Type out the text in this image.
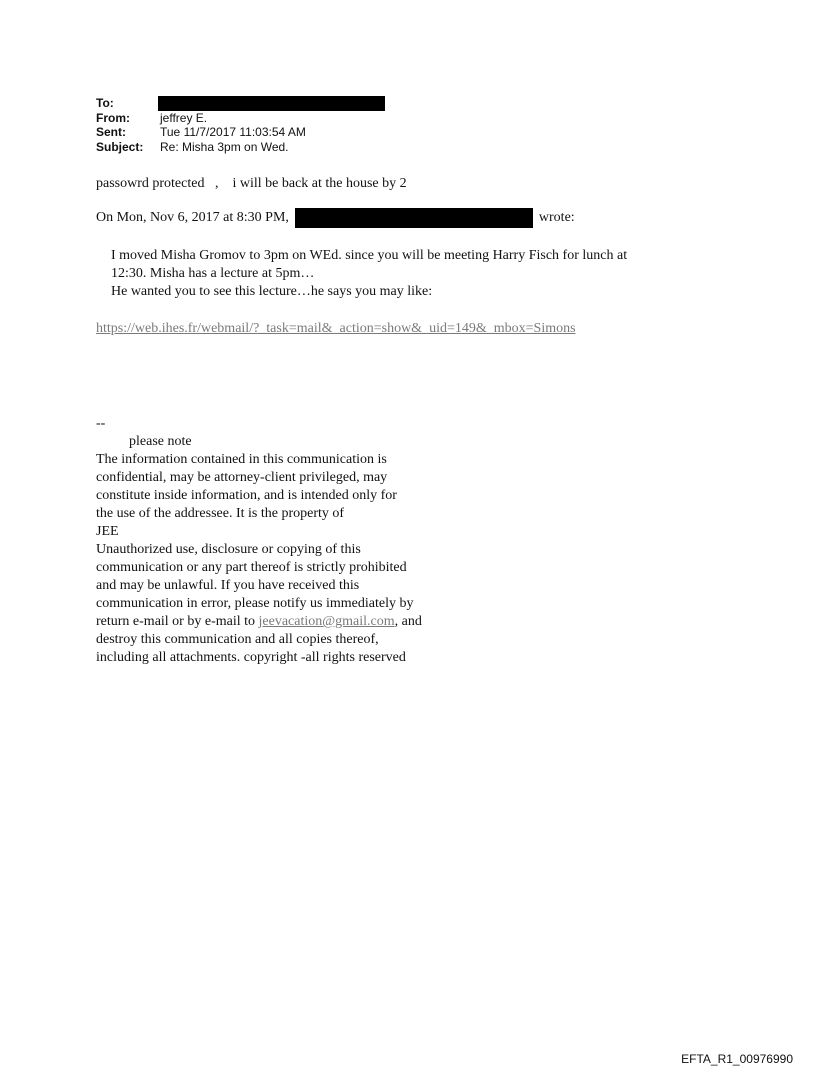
To:
From:	jeffrey E.
Sent:	Tue 11/7/2017 11:03:54 AM
Subject:	Re: Misha 3pm on Wed.
passowrd protected   ,    i will be back at the house by 2
On Mon, Nov 6, 2017 at 8:30 PM,	wrote:
I moved Misha Gromov to 3pm on WEd. since you will be meeting Harry Fisch for lunch at
12:30. Misha has a lecture at 5pm…
He wanted you to see this lecture…he says you may like:
https://web.ihes.fr/webmail/?_task=mail&_action=show&_uid=149&_mbox=Simons
--
please note
The information contained in this communication is
confidential, may be attorney-client privileged, may
constitute inside information, and is intended only for
the use of the addressee. It is the property of
JEE
Unauthorized use, disclosure or copying of this
communication or any part thereof is strictly prohibited
and may be unlawful. If you have received this
communication in error, please notify us immediately by
return e-mail or by e-mail to jeevacation@gmail.com, and
destroy this communication and all copies thereof,
including all attachments. copyright -all rights reserved
EFTA_R1_00976990
